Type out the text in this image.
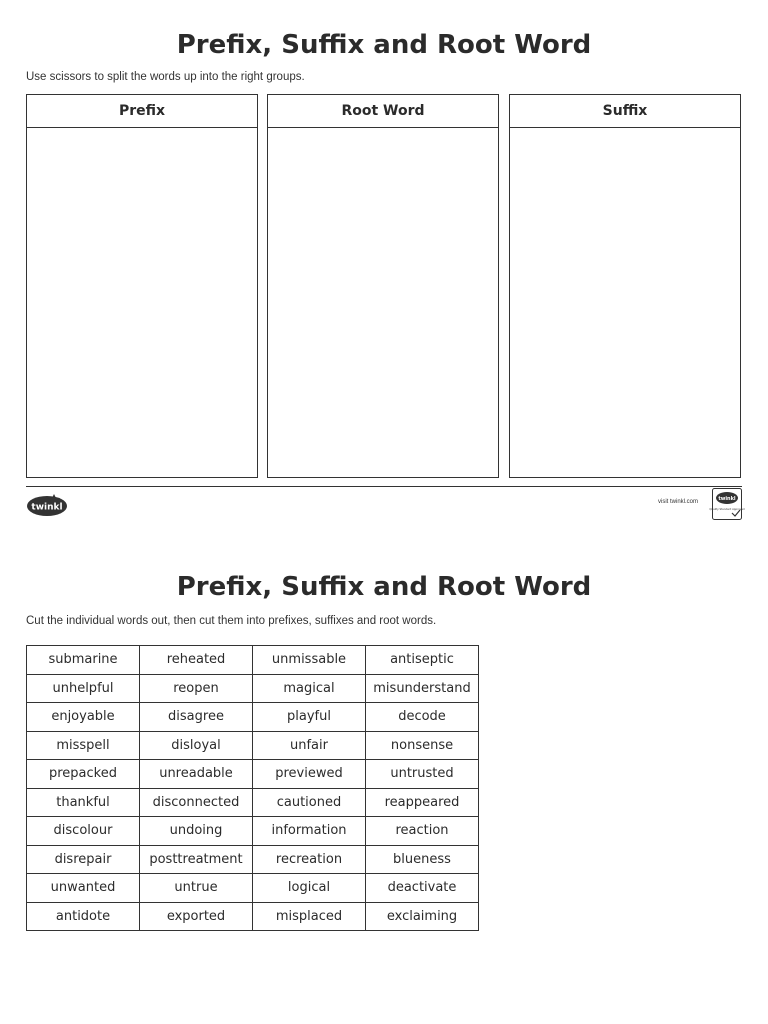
Prefix, Suffix and Root Word
Use scissors to split the words up into the right groups.
Prefix	Root Word	Suffix
twinkl
visit twinkl.com	twinkl
Quality Standard Approved
Prefix, Suffix and Root Word
Cut the individual words out, then cut them into prefixes, suffixes and root words.
submarine	reheated	unmissable	antiseptic
unhelpful	reopen	magical	misunderstand
enjoyable	disagree	playful	decode
misspell	disloyal	unfair	nonsense
prepacked	unreadable	previewed	untrusted
thankful	disconnected	cautioned	reappeared
discolour	undoing	information	reaction
disrepair	posttreatment	recreation	blueness
unwanted	untrue	logical	deactivate
antidote	exported	misplaced	exclaiming
